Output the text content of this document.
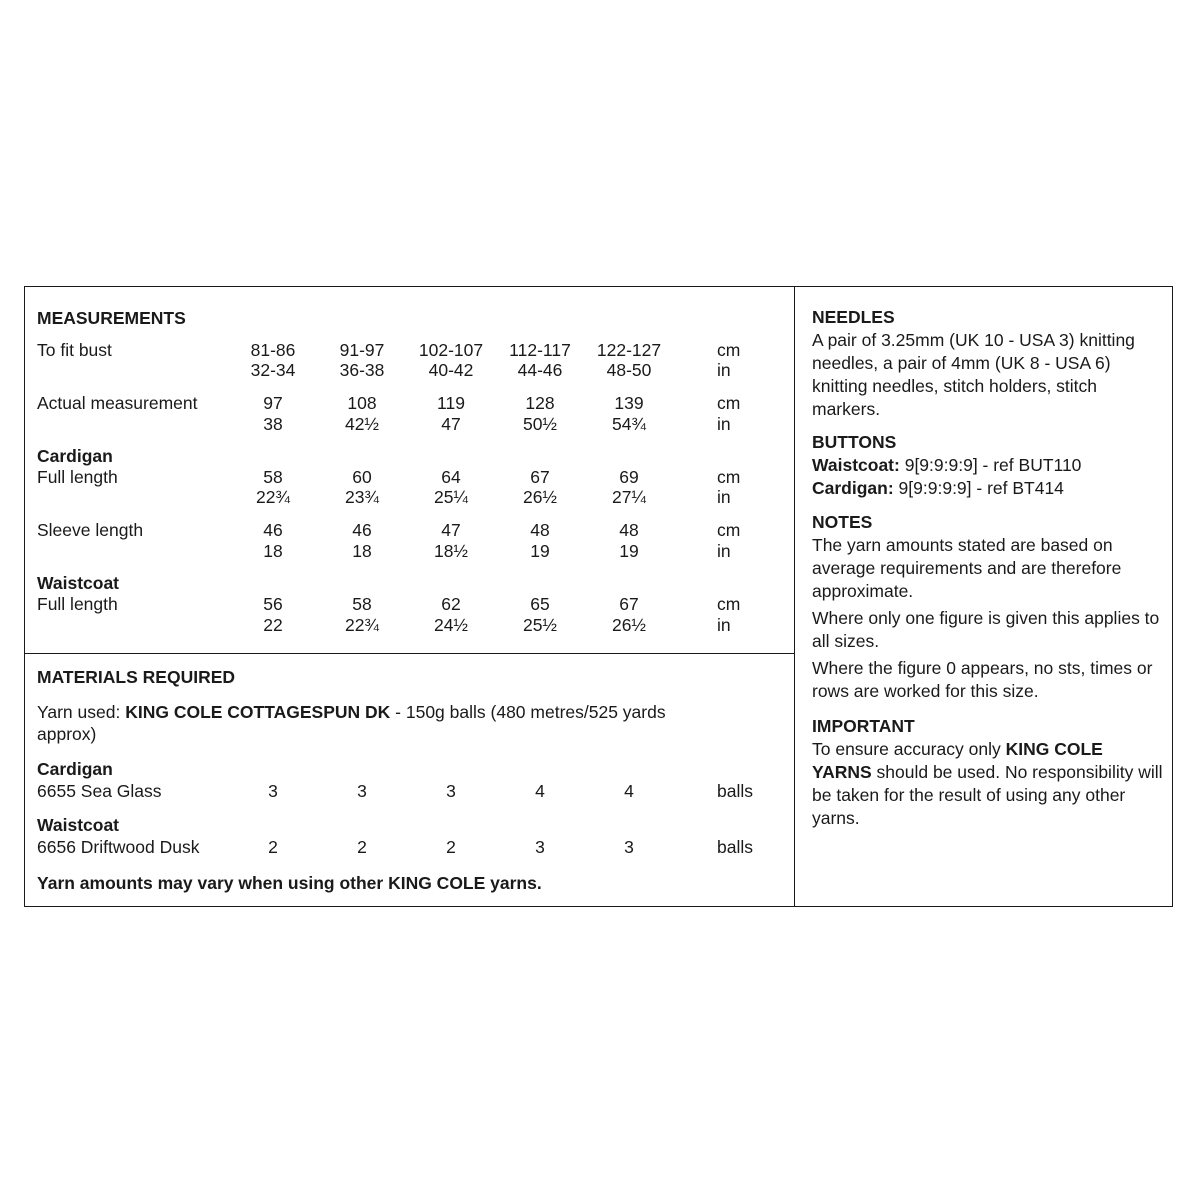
MEASUREMENTS
To fit bust	81-86	91-97	102-107	112-117	122-127	cm
32-34	36-38	40-42	44-46	48-50	in
Actual measurement	97	108	119	128	139	cm
38	42½	47	50½	54¾	in
Cardigan
Full length	58	60	64	67	69	cm
22¾	23¾	25¼	26½	27¼	in
Sleeve length	46	46	47	48	48	cm
18	18	18½	19	19	in
Waistcoat
Full length	56	58	62	65	67	cm
22	22¾	24½	25½	26½	in
MATERIALS REQUIRED
Yarn used: KING COLE COTTAGESPUN DK - 150g balls (480 metres/525 yards
approx)
Cardigan
6655 Sea Glass	3	3	3	4	4	balls
Waistcoat
6656 Driftwood Dusk	2	2	2	3	3	balls
Yarn amounts may vary when using other KING COLE yarns.

NEEDLES

A pair of 3.25mm (UK 10 - USA 3) knitting needles, a pair of 4mm (UK 8 - USA 6) knitting needles, stitch holders, stitch markers.

BUTTONS

Waistcoat: 9[9:9:9:9] - ref BUT110

Cardigan: 9[9:9:9:9] - ref BT414

NOTES

The yarn amounts stated are based on average requirements and are therefore approximate.

Where only one figure is given this applies to all sizes.

Where the figure 0 appears, no sts, times or rows are worked for this size.

IMPORTANT

To ensure accuracy only KING COLE YARNS should be used. No responsibility will be taken for the result of using any other yarns.
